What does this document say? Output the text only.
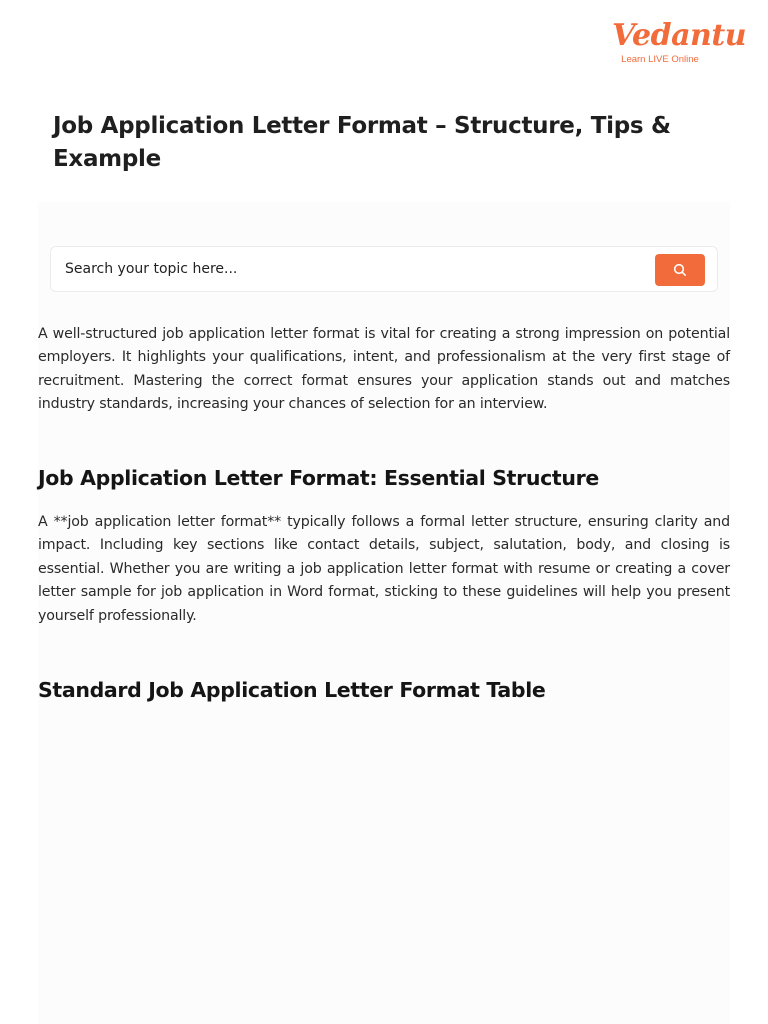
Vedantu
Learn LIVE Online
Job Application Letter Format – Structure, Tips & Example
Search your topic here...

A well-structured job application letter format is vital for creating a strong impression on potential employers. It highlights your qualifications, intent, and professionalism at the very first stage of recruitment. Mastering the correct format ensures your application stands out and matches industry standards, increasing your chances of selection for an interview.

Job Application Letter Format: Essential Structure

A **job application letter format** typically follows a formal letter structure, ensuring clarity and impact. Including key sections like contact details, subject, salutation, body, and closing is essential. Whether you are writing a job application letter format with resume or creating a cover letter sample for job application in Word format, sticking to these guidelines will help you present yourself professionally.

Standard Job Application Letter Format Table
